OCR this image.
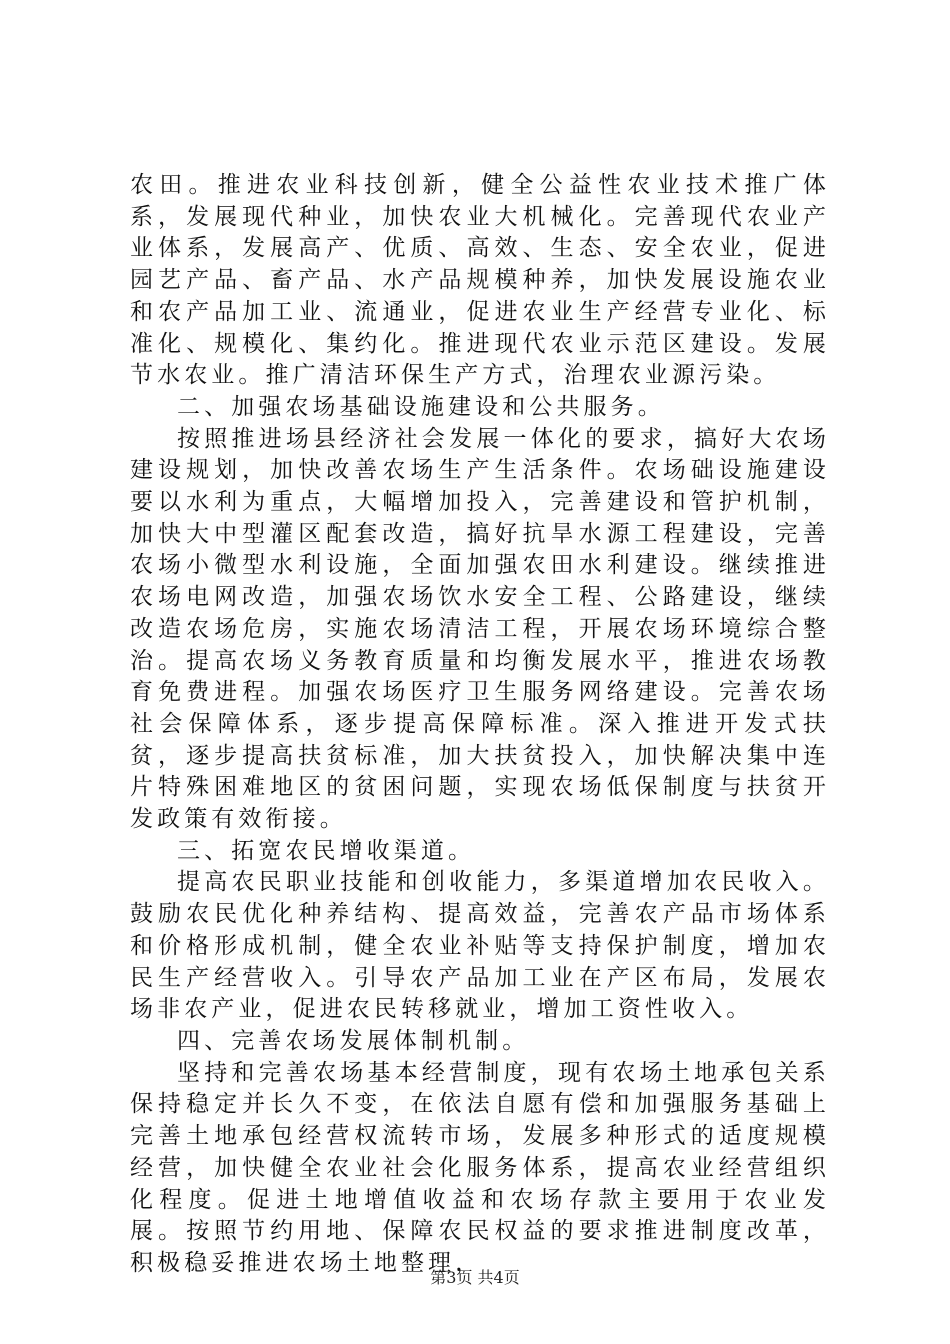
农田。推进农业科技创新，健全公益性农业技术推广体系，发展现代种业，加快农业大机械化。完善现代农业产业体系，发展高产、优质、高效、生态、安全农业，促进园艺产品、畜产品、水产品规模种养，加快发展设施农业和农产品加工业、流通业，促进农业生产经营专业化、标准化、规模化、集约化。推进现代农业示范区建设。发展节水农业。推广清洁环保生产方式，治理农业源污染。

二、加强农场基础设施建设和公共服务。

按照推进场县经济社会发展一体化的要求，搞好大农场建设规划，加快改善农场生产生活条件。农场础设施建设要以水利为重点，大幅增加投入，完善建设和管护机制，加快大中型灌区配套改造，搞好抗旱水源工程建设，完善农场小微型水利设施，全面加强农田水利建设。继续推进农场电网改造，加强农场饮水安全工程、公路建设，继续改造农场危房，实施农场清洁工程，开展农场环境综合整治。提高农场义务教育质量和均衡发展水平，推进农场教育免费进程。加强农场医疗卫生服务网络建设。完善农场社会保障体系，逐步提高保障标准。深入推进开发式扶贫，逐步提高扶贫标准，加大扶贫投入，加快解决集中连片特殊困难地区的贫困问题，实现农场低保制度与扶贫开发政策有效衔接。

三、拓宽农民增收渠道。

提高农民职业技能和创收能力，多渠道增加农民收入。鼓励农民优化种养结构、提高效益，完善农产品市场体系和价格形成机制，健全农业补贴等支持保护制度，增加农民生产经营收入。引导农产品加工业在产区布局，发展农场非农产业，促进农民转移就业，增加工资性收入。

四、完善农场发展体制机制。

坚持和完善农场基本经营制度，现有农场土地承包关系保持稳定并长久不变，在依法自愿有偿和加强服务基础上完善土地承包经营权流转市场，发展多种形式的适度规模经营，加快健全农业社会化服务体系，提高农业经营组织化程度。促进土地增值收益和农场存款主要用于农业发展。按照节约用地、保障农民权益的要求推进制度改革，积极稳妥推进农场土地整理，

第3页 共4页
